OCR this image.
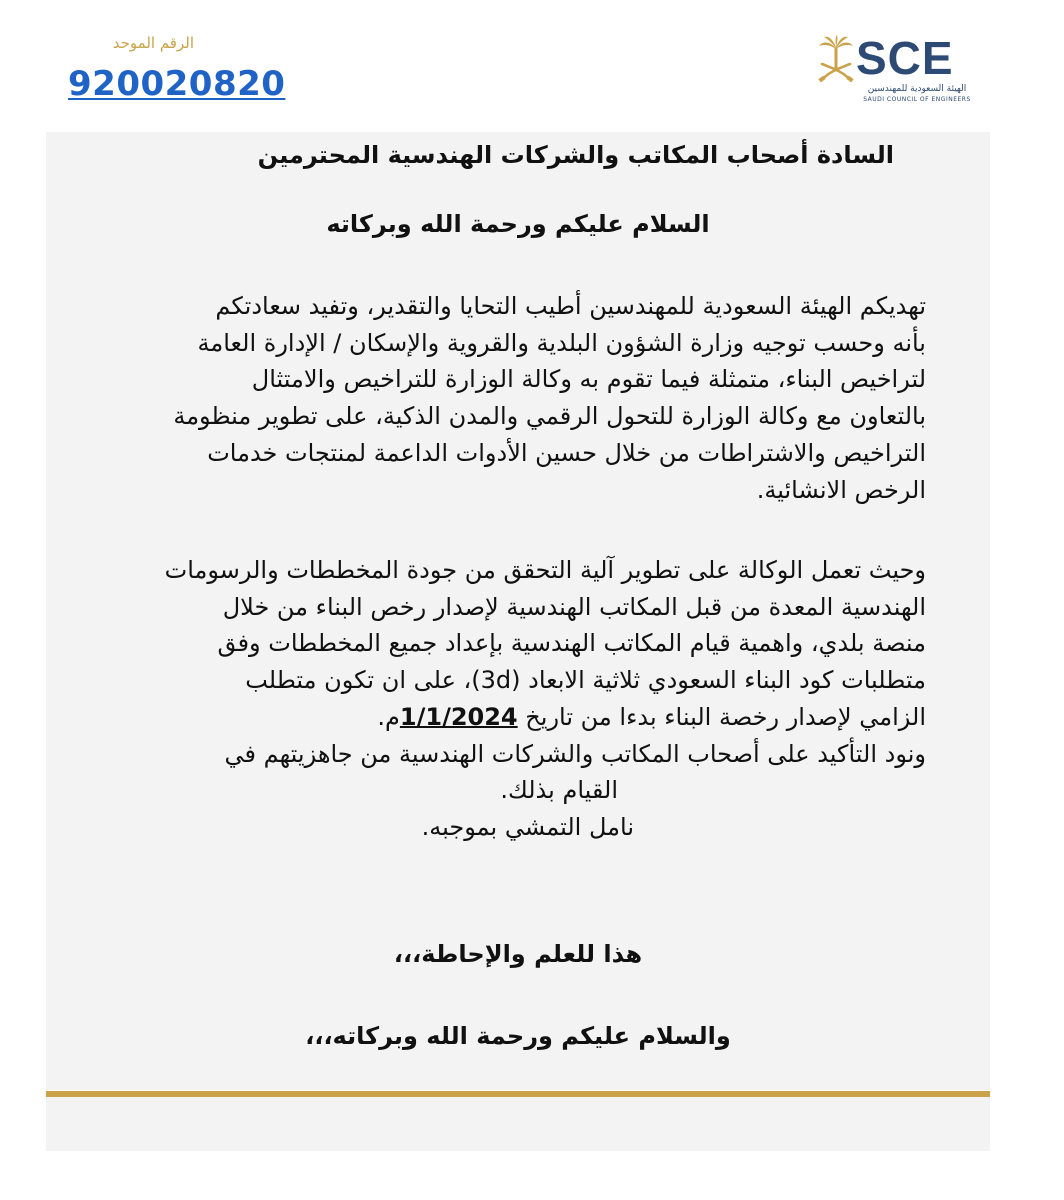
الرقم الموحد
920020820	SCE
الهيئة السعودية للمهندسين
SAUDI COUNCIL OF ENGINEERS
السادة أصحاب المكاتب والشركات الهندسية المحترمين
السلام عليكم ورحمة الله وبركاته
تهديكم الهيئة السعودية للمهندسين أطيب التحايا والتقدير، وتفيد سعادتكم
بأنه وحسب توجيه وزارة الشؤون البلدية والقروية والإسكان / الإدارة العامة
لتراخيص البناء، متمثلة فيما تقوم به وكالة الوزارة للتراخيص والامتثال
بالتعاون مع وكالة الوزارة للتحول الرقمي والمدن الذكية، على تطوير منظومة
التراخيص والاشتراطات من خلال حسين الأدوات الداعمة لمنتجات خدمات
الرخص الانشائية.
وحيث تعمل الوكالة على تطوير آلية التحقق من جودة المخططات والرسومات
الهندسية المعدة من قبل المكاتب الهندسية لإصدار رخص البناء من خلال
منصة بلدي، واهمية قيام المكاتب الهندسية بإعداد جميع المخططات وفق
متطلبات كود البناء السعودي ثلاثية الابعاد (3d)، على ان تكون متطلب
الزامي لإصدار رخصة البناء بدءا من تاريخ 1/1/2024م.
ونود التأكيد على أصحاب المكاتب والشركات الهندسية من جاهزيتهم في
القيام بذلك.
نامل التمشي بموجبه.
هذا للعلم والإحاطة،،،
والسلام عليكم ورحمة الله وبركاته،،،
